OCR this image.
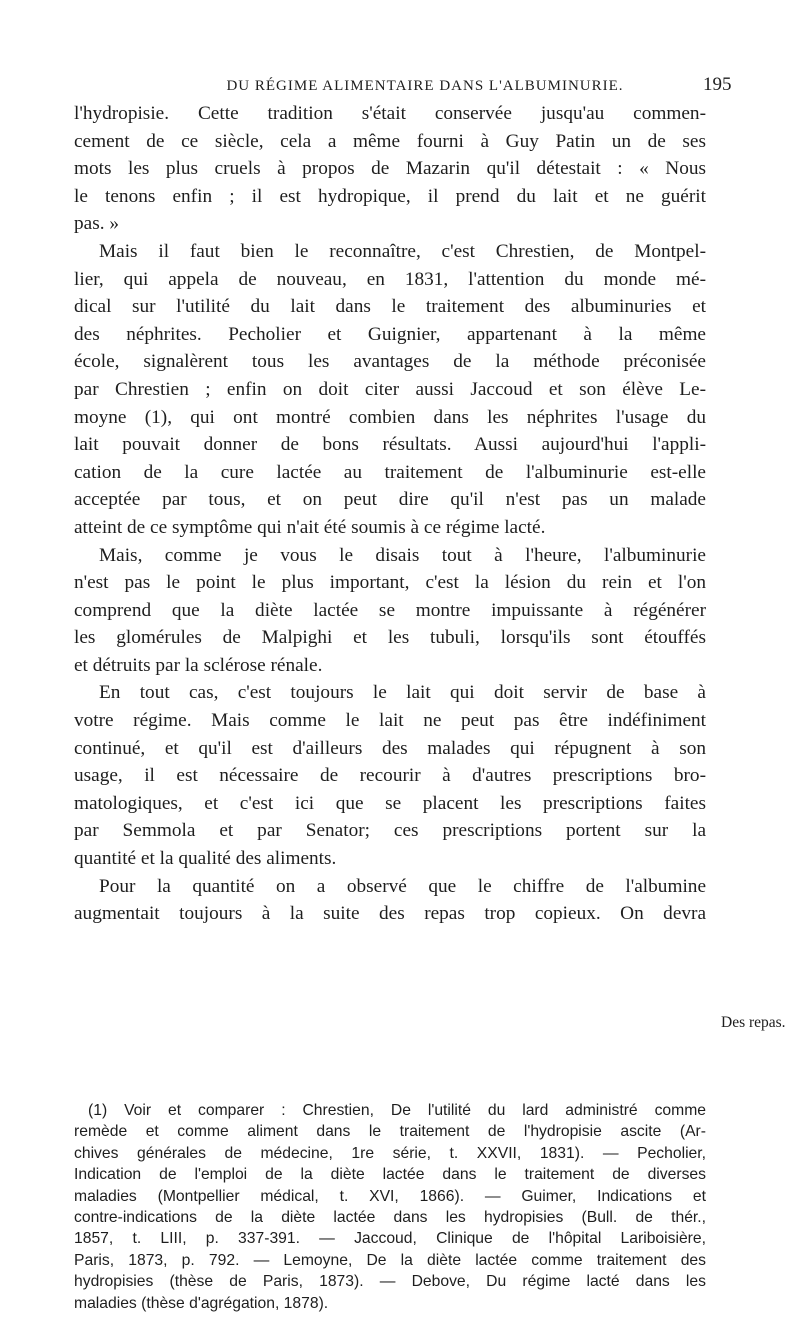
DU RÉGIME ALIMENTAIRE DANS L'ALBUMINURIE.	195
l'hydropisie. Cette tradition s'était conservée jusqu'au commen-
cement de ce siècle, cela a même fourni à Guy Patin un de ses
mots les plus cruels à propos de Mazarin qu'il détestait : « Nous
le tenons enfin ; il est hydropique, il prend du lait et ne guérit
pas. »
Mais il faut bien le reconnaître, c'est Chrestien, de Montpel-
lier, qui appela de nouveau, en 1831, l'attention du monde mé-
dical sur l'utilité du lait dans le traitement des albuminuries et
des néphrites. Pecholier et Guignier, appartenant à la même
école, signalèrent tous les avantages de la méthode préconisée
par Chrestien ; enfin on doit citer aussi Jaccoud et son élève Le-
moyne (1), qui ont montré combien dans les néphrites l'usage du
lait pouvait donner de bons résultats. Aussi aujourd'hui l'appli-
cation de la cure lactée au traitement de l'albuminurie est-elle
acceptée par tous, et on peut dire qu'il n'est pas un malade
atteint de ce symptôme qui n'ait été soumis à ce régime lacté.
Mais, comme je vous le disais tout à l'heure, l'albuminurie
n'est pas le point le plus important, c'est la lésion du rein et l'on
comprend que la diète lactée se montre impuissante à régénérer
les glomérules de Malpighi et les tubuli, lorsqu'ils sont étouffés
et détruits par la sclérose rénale.
En tout cas, c'est toujours le lait qui doit servir de base à
votre régime. Mais comme le lait ne peut pas être indéfiniment
continué, et qu'il est d'ailleurs des malades qui répugnent à son
usage, il est nécessaire de recourir à d'autres prescriptions bro-
matologiques, et c'est ici que se placent les prescriptions faites
par Semmola et par Senator; ces prescriptions portent sur la
quantité et la qualité des aliments.
Pour la quantité on a observé que le chiffre de l'albumine
augmentait toujours à la suite des repas trop copieux. On devra
Des repas.
(1) Voir et comparer : Chrestien, De l'utilité du lard administré comme
remède et comme aliment dans le traitement de l'hydropisie ascite (Ar-
chives générales de médecine, 1re série, t. XXVII, 1831). — Pecholier,
Indication de l'emploi de la diète lactée dans le traitement de diverses
maladies (Montpellier médical, t. XVI, 1866). — Guimer, Indications et
contre-indications de la diète lactée dans les hydropisies (Bull. de thér.,
1857, t. LIII, p. 337-391. — Jaccoud, Clinique de l'hôpital Lariboisière,
Paris, 1873, p. 792. — Lemoyne, De la diète lactée comme traitement des
hydropisies (thèse de Paris, 1873). — Debove, Du régime lacté dans les
maladies (thèse d'agrégation, 1878).
